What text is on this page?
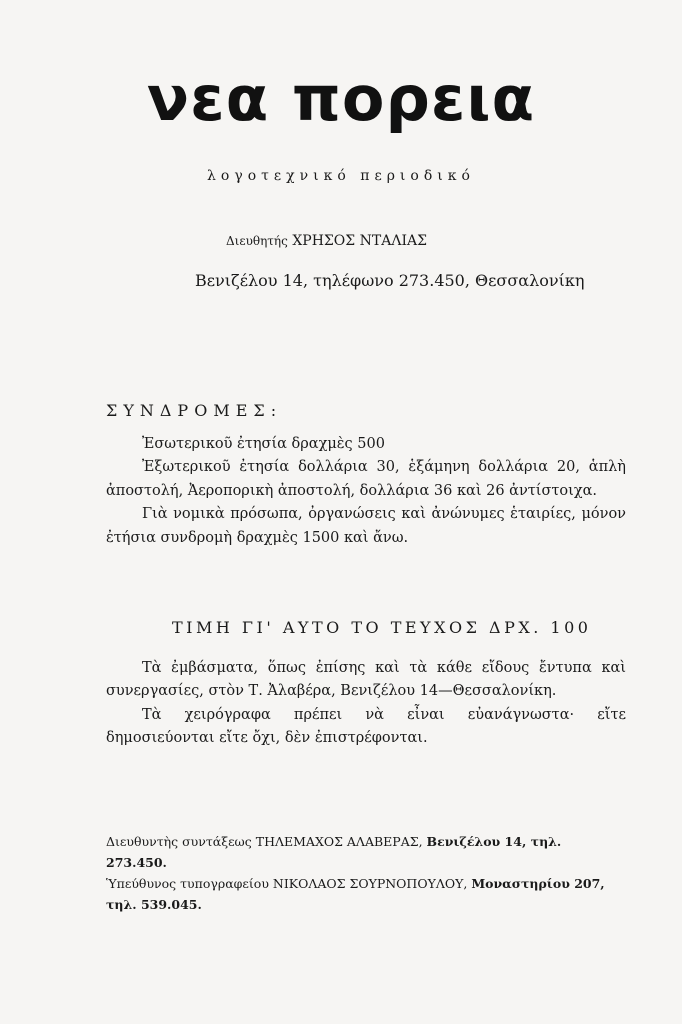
νεα πορεια
λογοτεχνικό περιοδικό
Διευθητής ΧΡΗΣΟΣ ΝΤΑΛΙΑΣ
Βενιζέλου 14, τηλέφωνο 273.450, Θεσσαλονίκη
ΣΥΝΔΡΟΜΕΣ:

Ἐσωτερικοῦ ἐτησία δραχμὲς 500

Ἐξωτερικοῦ ἐτησία δολλάρια 30, ἑξάμηνη δολλάρια 20, ἁπλὴ ἀποστολή, Ἀεροπορικὴ ἀποστολή, δολλάρια 36 καὶ 26 ἀντίστοιχα.

Γιὰ νομικὰ πρόσωπα, ὀργανώσεις καὶ ἀνώνυμες ἑταιρίες, μόνον ἐτήσια συνδρομὴ δραχμὲς 1500 καὶ ἄνω.

ΤΙΜΗ ΓΙ' ΑΥΤΟ ΤΟ ΤΕΥΧΟΣ ΔΡΧ. 100

Τὰ ἐμβάσματα, ὅπως ἐπίσης καὶ τὰ κάθε εἴδους ἔντυπα καὶ συνεργασίες, στὸν Τ. Ἀλαβέρα, Βενιζέλου 14—Θεσσαλονίκη.

Τὰ χειρόγραφα πρέπει νὰ εἶναι εὐανάγνωστα· εἴτε δημοσιεύονται εἴτε ὄχι, δὲν ἐπιστρέφονται.

Διευθυντὴς συντάξεως ΤΗΛΕΜΑΧΟΣ ΑΛΑΒΕΡΑΣ, Βενιζέλου 14, τηλ. 273.450.

Ὑπεύθυνος τυπογραφείου ΝΙΚΟΛΑΟΣ ΣΟΥΡΝΟΠΟΥΛΟΥ, Μοναστηρίου 207, τηλ. 539.045.
